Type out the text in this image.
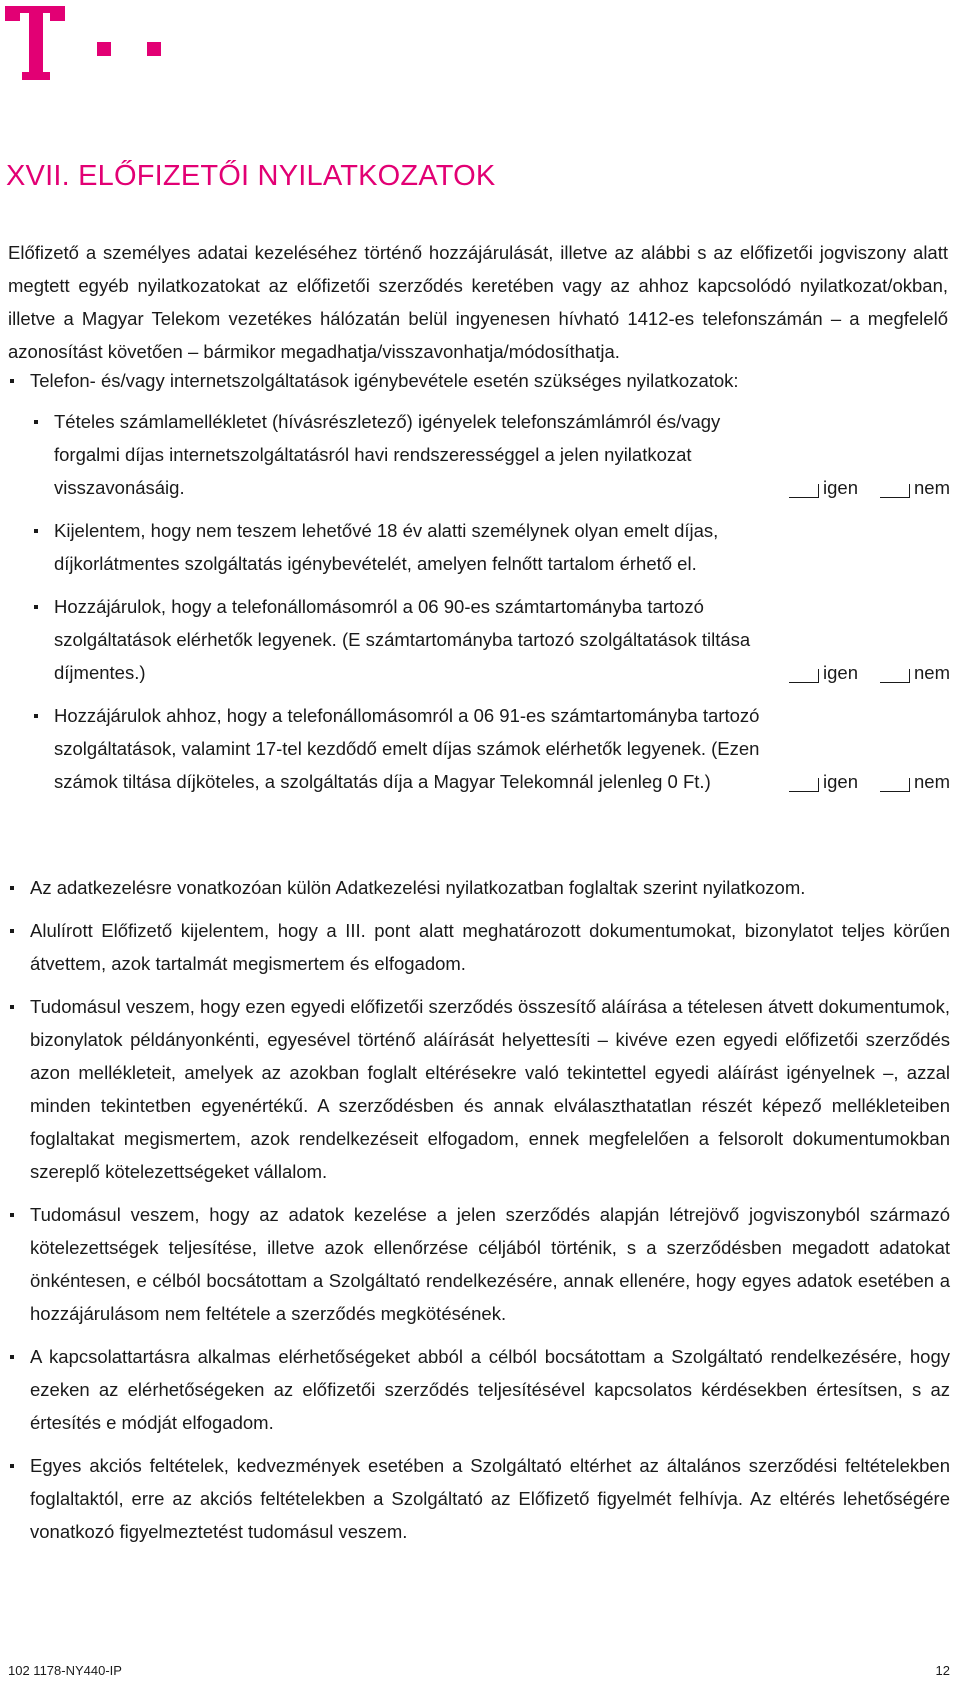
XVII. ELŐFIZETŐI NYILATKOZATOK

Előfizető a személyes adatai kezeléséhez történő hozzájárulását, illetve az alábbi s az előfizetői jogviszony alatt megtett egyéb nyilatkozatokat az előfizetői szerződés keretében vagy az ahhoz kapcsolódó nyilatkozat/okban, illetve a Magyar Telekom vezetékes hálózatán belül ingyenesen hívható 1412-es telefonszámán – a megfelelő azonosítást követően – bármikor megadhatja/visszavonhatja/módosíthatja.

Telefon- és/vagy internetszolgáltatások igénybevétele esetén szükséges nyilatkozatok:
Tételes számlamellékletet (hívásrészletező) igényelek telefonszámlámról és/vagy forgalmi díjas internetszolgáltatásról havi rendszerességgel a jelen nyilatkozat visszavonásáig.	igen	nem
Kijelentem, hogy nem teszem lehetővé 18 év alatti személynek olyan emelt díjas, díjkorlátmentes szolgáltatás igénybevételét, amelyen felnőtt tartalom érhető el.
Hozzájárulok, hogy a telefonállomásomról a 06 90-es számtartományba tartozó szolgáltatások elérhetők legyenek. (E számtartományba tartozó szolgáltatások tiltása díjmentes.)	igen	nem
Hozzájárulok ahhoz, hogy a telefonállomásomról a 06 91-es számtartományba tartozó szolgáltatások, valamint 17-tel kezdődő emelt díjas számok elérhetők legyenek. (Ezen számok tiltása díjköteles, a szolgáltatás díja a Magyar Telekomnál jelenleg 0 Ft.)	igen	nem
Az adatkezelésre vonatkozóan külön Adatkezelési nyilatkozatban foglaltak szerint nyilatkozom.
Alulírott Előfizető kijelentem, hogy a III. pont alatt meghatározott dokumentumokat, bizonylatot teljes körűen átvettem, azok tartalmát megismertem és elfogadom.
Tudomásul veszem, hogy ezen egyedi előfizetői szerződés összesítő aláírása a tételesen átvett dokumentumok, bizonylatok példányonkénti, egyesével történő aláírását helyettesíti – kivéve ezen egyedi előfizetői szerződés azon mellékleteit, amelyek az azokban foglalt eltérésekre való tekintettel egyedi aláírást igényelnek –, azzal minden tekintetben egyenértékű. A szerződésben és annak elválaszthatatlan részét képező mellékleteiben foglaltakat megismertem, azok rendelkezéseit elfogadom, ennek megfelelően a felsorolt dokumentumokban szereplő kötelezettségeket vállalom.
Tudomásul veszem, hogy az adatok kezelése a jelen szerződés alapján létrejövő jogviszonyból származó kötelezettségek teljesítése, illetve azok ellenőrzése céljából történik, s a szerződésben megadott adatokat önkéntesen, e célból bocsátottam a Szolgáltató rendelkezésére, annak ellenére, hogy egyes adatok esetében a hozzájárulásom nem feltétele a szerződés megkötésének.
A kapcsolattartásra alkalmas elérhetőségeket abból a célból bocsátottam a Szolgáltató rendelkezésére, hogy ezeken az elérhetőségeken az előfizetői szerződés teljesítésével kapcsolatos kérdésekben értesítsen, s az értesítés e módját elfogadom.
Egyes akciós feltételek, kedvezmények esetében a Szolgáltató eltérhet az általános szerződési feltételekben foglaltaktól, erre az akciós feltételekben a Szolgáltató az Előfizető figyelmét felhívja. Az eltérés lehetőségére vonatkozó figyelmeztetést tudomásul veszem.
102 1178-NY440-IP	12
